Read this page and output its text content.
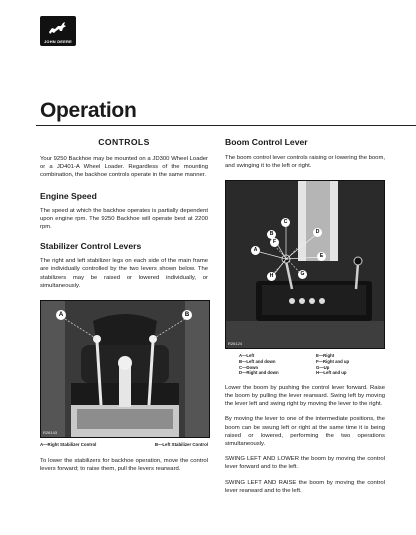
JOHN DEERE
Operation
CONTROLS

Your 9250 Backhoe may be mounted on a JD300 Wheel Loader or a JD401-A Wheel Loader. Regardless of the mounting combination, the backhoe controls operate in the same manner.

Engine Speed

The speed at which the backhoe operates is partially dependent upon engine rpm. The 9250 Backhoe will operate best at 2200 rpm.

Stabilizer Control Levers

The right and left stabilizer legs on each side of the main frame are individually controlled by the two levers shown below. The stabilizers may be raised or lowered individually, or simultaneously.

A	B
R26143
A—Right Stabilizer Control	B—Left Stabilizer Control

To lower the stabilizers for backhoe operation, move the control levers forward; to raise them, pull the levers rearward.

Boom Control Lever

The boom control lever controls raising or lowering the boom, and swinging it to the left or right.

C
B	D
A
E
H	G
F
R26124
A—Left	E—Right
B—Left and down	F—Right and up
C—Down	G—Up
D—Right and down	H—Left and up

Lower the boom by pushing the control lever forward. Raise the boom by pulling the lever rearward. Swing left by moving the lever left and swing right by moving the lever to the right.

By moving the lever to one of the intermediate positions, the boom can be swung left or right at the same time it is being raised or lowered, performing the two operations simultaneously.

SWING LEFT AND LOWER the boom by moving the control lever forward and to the left.

SWING LEFT AND RAISE the boom by moving the control lever rearward and to the left.
